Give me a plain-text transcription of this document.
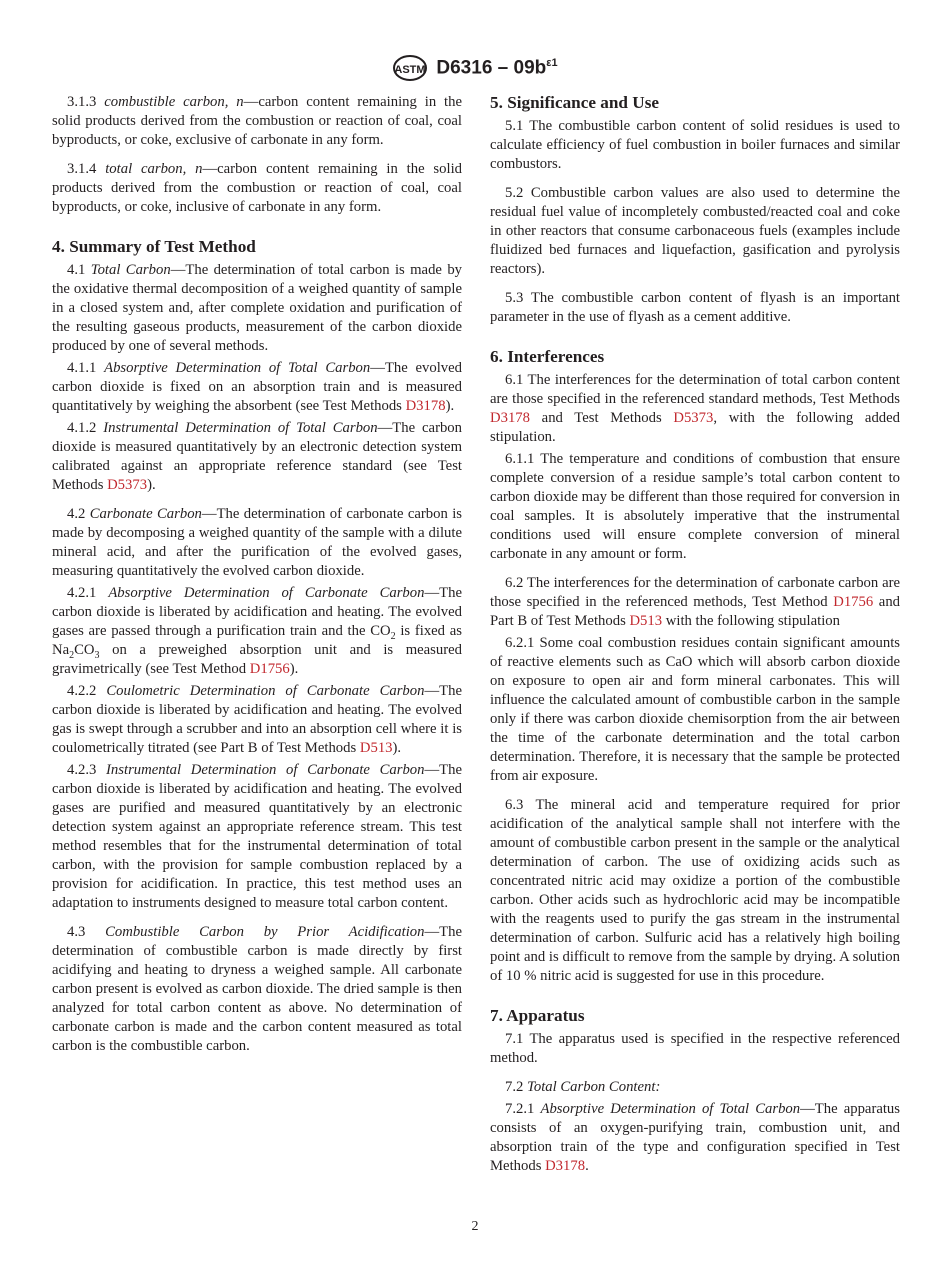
ASTM $D6316 - 09b^{\varepsilon 1}$

3.1.3 combustible carbon, n—carbon content remaining in the solid products derived from the combustion or reaction of coal, coal byproducts, or coke, exclusive of carbonate in any form.

3.1.4 total carbon, n—carbon content remaining in the solid products derived from the combustion or reaction of coal, coal byproducts, or coke, inclusive of carbonate in any form.

4. Summary of Test Method

4.1 Total Carbon—The determination of total carbon is made by the oxidative thermal decomposition of a weighed quantity of sample in a closed system and, after complete oxidation and purification of the resulting gaseous products, measurement of the carbon dioxide produced by one of several methods.

4.1.1 Absorptive Determination of Total Carbon—The evolved carbon dioxide is fixed on an absorption train and is measured quantitatively by weighing the absorbent (see Test Methods D3178).

4.1.2 Instrumental Determination of Total Carbon—The carbon dioxide is measured quantitatively by an electronic detection system calibrated against an appropriate reference standard (see Test Methods D5373).

4.2 Carbonate Carbon—The determination of carbonate carbon is made by decomposing a weighed quantity of the sample with a dilute mineral acid, and after the purification of the evolved gases, measuring quantitatively the evolved carbon dioxide.

4.2.1 Absorptive Determination of Carbonate Carbon—The carbon dioxide is liberated by acidification and heating. The evolved gases are passed through a purification train and the $CO_2$ is fixed as $Na_2CO_3$ on a preweighed absorption unit and is measured gravimetrically (see Test Method D1756).

4.2.2 Coulometric Determination of Carbonate Carbon—The carbon dioxide is liberated by acidification and heating. The evolved gas is swept through a scrubber and into an absorption cell where it is coulometrically titrated (see Part B of Test Methods D513).

4.2.3 Instrumental Determination of Carbonate Carbon—The carbon dioxide is liberated by acidification and heating. The evolved gases are purified and measured quantitatively by an electronic detection system against an appropriate reference stream. This test method resembles that for the instrumental determination of total carbon, with the provision for sample combustion replaced by a provision for acidification. In practice, this test method uses an adaptation to instruments designed to measure total carbon content.

4.3 Combustible Carbon by Prior Acidification—The determination of combustible carbon is made directly by first acidifying and heating to dryness a weighed sample. All carbonate carbon present is evolved as carbon dioxide. The dried sample is then analyzed for total carbon content as above. No determination of carbonate carbon is made and the carbon content measured as total carbon is the combustible carbon.

5. Significance and Use

5.1 The combustible carbon content of solid residues is used to calculate efficiency of fuel combustion in boiler furnaces and similar combustors.

5.2 Combustible carbon values are also used to determine the residual fuel value of incompletely combusted/reacted coal and coke in other reactors that consume carbonaceous fuels (examples include fluidized bed furnaces and liquefaction, gasification and pyrolysis reactors).

5.3 The combustible carbon content of flyash is an important parameter in the use of flyash as a cement additive.

6. Interferences

6.1 The interferences for the determination of total carbon content are those specified in the referenced standard methods, Test Methods D3178 and Test Methods D5373, with the following added stipulation.

6.1.1 The temperature and conditions of combustion that ensure complete conversion of a residue sample’s total carbon content to carbon dioxide may be different than those required for conversion in coal samples. It is absolutely imperative that the instrumental conditions used will ensure complete conversion of mineral carbonate in any amount or form.

6.2 The interferences for the determination of carbonate carbon are those specified in the referenced methods, Test Method D1756 and Part B of Test Methods D513 with the following stipulation

6.2.1 Some coal combustion residues contain significant amounts of reactive elements such as CaO which will absorb carbon dioxide on exposure to open air and form mineral carbonates. This will influence the calculated amount of combustible carbon in the sample only if there was carbon dioxide chemisorption from the air between the time of the carbonate determination and the total carbon determination. Therefore, it is necessary that the sample be protected from air exposure.

6.3 The mineral acid and temperature required for prior acidification of the analytical sample shall not interfere with the amount of combustible carbon present in the sample or the analytical determination of carbon. The use of oxidizing acids such as concentrated nitric acid may oxidize a portion of the combustible carbon. Other acids such as hydrochloric acid may be incompatible with the reagents used to purify the gas stream in the instrumental determination of carbon. Sulfuric acid has a relatively high boiling point and is difficult to remove from the sample by drying. A solution of 10 % nitric acid is suggested for use in this procedure.

7. Apparatus

7.1 The apparatus used is specified in the respective referenced method.

7.2 Total Carbon Content:

7.2.1 Absorptive Determination of Total Carbon—The apparatus consists of an oxygen-purifying train, combustion unit, and absorption train of the type and configuration specified in Test Methods D3178.

2
